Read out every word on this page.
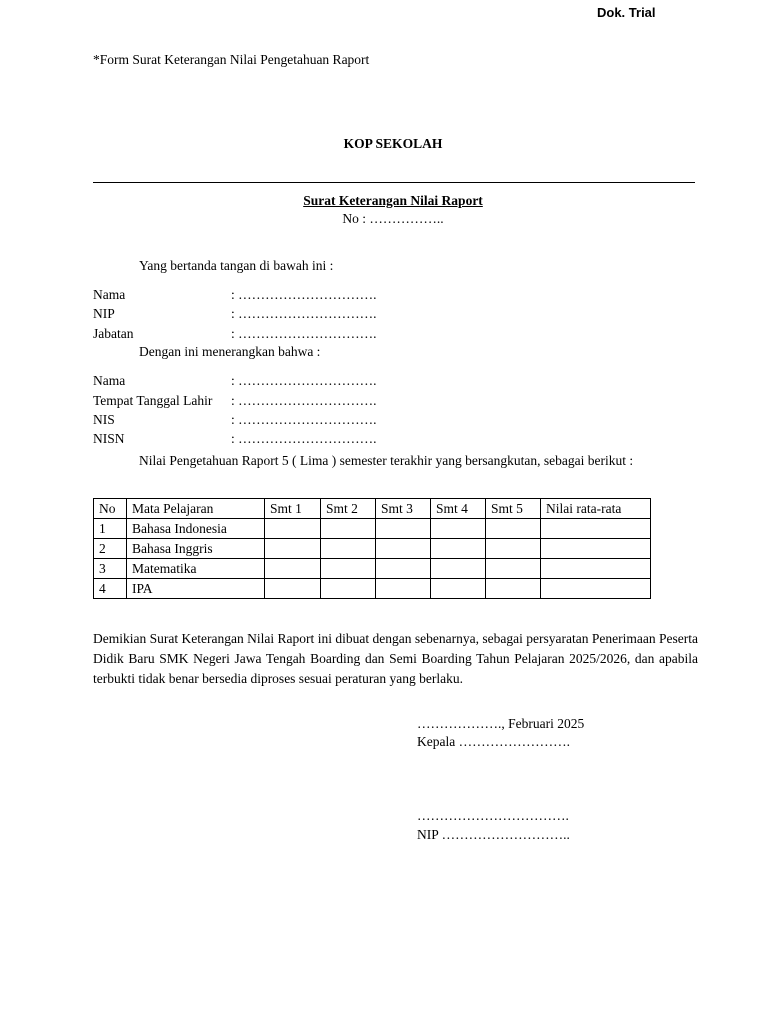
Dok. Trial
*Form Surat Keterangan Nilai Pengetahuan Raport
KOP SEKOLAH
Surat Keterangan Nilai Raport
No : ……………..
Yang bertanda tangan di bawah ini :
Nama	: ………………………….
NIP	: ………………………….
Jabatan	: ………………………….
Dengan ini menerangkan bahwa :
Nama	: ………………………….
Tempat Tanggal Lahir : ………………………….
NIS	: ………………………….
NISN	: ………………………….
Nilai Pengetahuan Raport 5 ( Lima ) semester terakhir yang bersangkutan, sebagai berikut :
No	Mata Pelajaran	Smt 1	Smt 2	Smt 3	Smt 4	Smt 5	Nilai rata-rata
1	Bahasa Indonesia						
2	Bahasa Inggris						
3	Matematika						
4	IPA						
Demikian Surat Keterangan Nilai Raport ini dibuat dengan sebenarnya, sebagai persyaratan Penerimaan Peserta Didik Baru SMK Negeri Jawa Tengah Boarding dan Semi Boarding Tahun Pelajaran 2025/2026, dan apabila terbukti tidak benar bersedia diproses sesuai peraturan yang berlaku.
………………., Februari 2025
Kepala …………………….
…………………………….
NIP ………………………..
